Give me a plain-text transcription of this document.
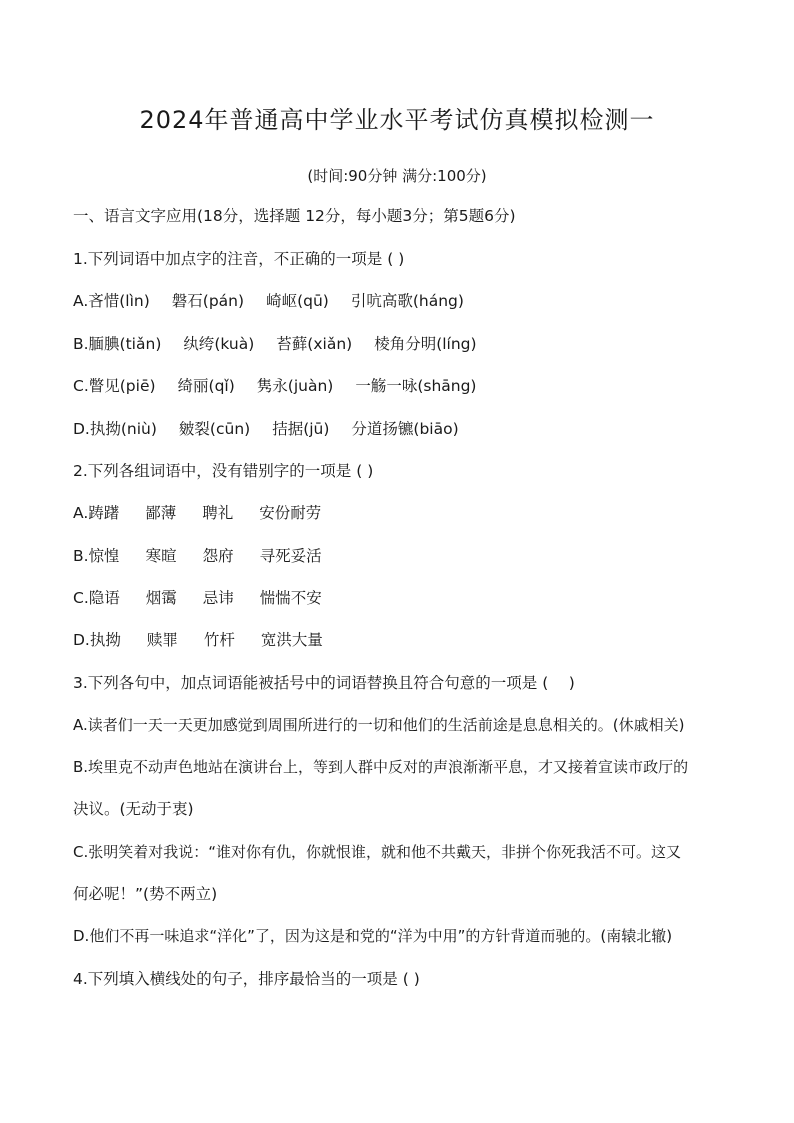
2024年普通高中学业水平考试仿真模拟检测一
(时间:90分钟 满分:100分)
一、语言文字应用(18分，选择题 12分，每小题3分；第5题6分)
1.下列词语中加点字的注音，不正确的一项是 ( )
A.吝惜(lìn) 磐石(pán) 崎岖(qū) 引吭高歌(háng)
B.腼腆(tiǎn) 纨绔(kuà) 苔藓(xiǎn) 棱角分明(líng)
C.瞥见(piē) 绮丽(qǐ) 隽永(juàn) 一觞一咏(shāng)
D.执拗(niù) 皴裂(cūn) 拮据(jū) 分道扬镳(biāo)
2.下列各组词语中，没有错别字的一项是 ( )
A.踌躇 鄙薄 聘礼 安份耐劳
B.惊惶 寒暄 怨府 寻死妥活
C.隐语 烟霭 忌讳 惴惴不安
D.执拗 赎罪 竹杆 宽洪大量
3.下列各句中，加点词语能被括号中的词语替换且符合句意的一项是 (　 )
A.读者们一天一天更加感觉到周围所进行的一切和他们的生活前途是息息相关的。(休戚相关)
B.埃里克不动声色地站在演讲台上，等到人群中反对的声浪渐渐平息，才又接着宣读市政厅的
决议。(无动于衷)
C.张明笑着对我说：“谁对你有仇，你就恨谁，就和他不共戴天，非拼个你死我活不可。这又
何必呢！”(势不两立)
D.他们不再一味追求“洋化”了，因为这是和党的“洋为中用”的方针背道而驰的。(南辕北辙)
4.下列填入横线处的句子，排序最恰当的一项是 ( )
